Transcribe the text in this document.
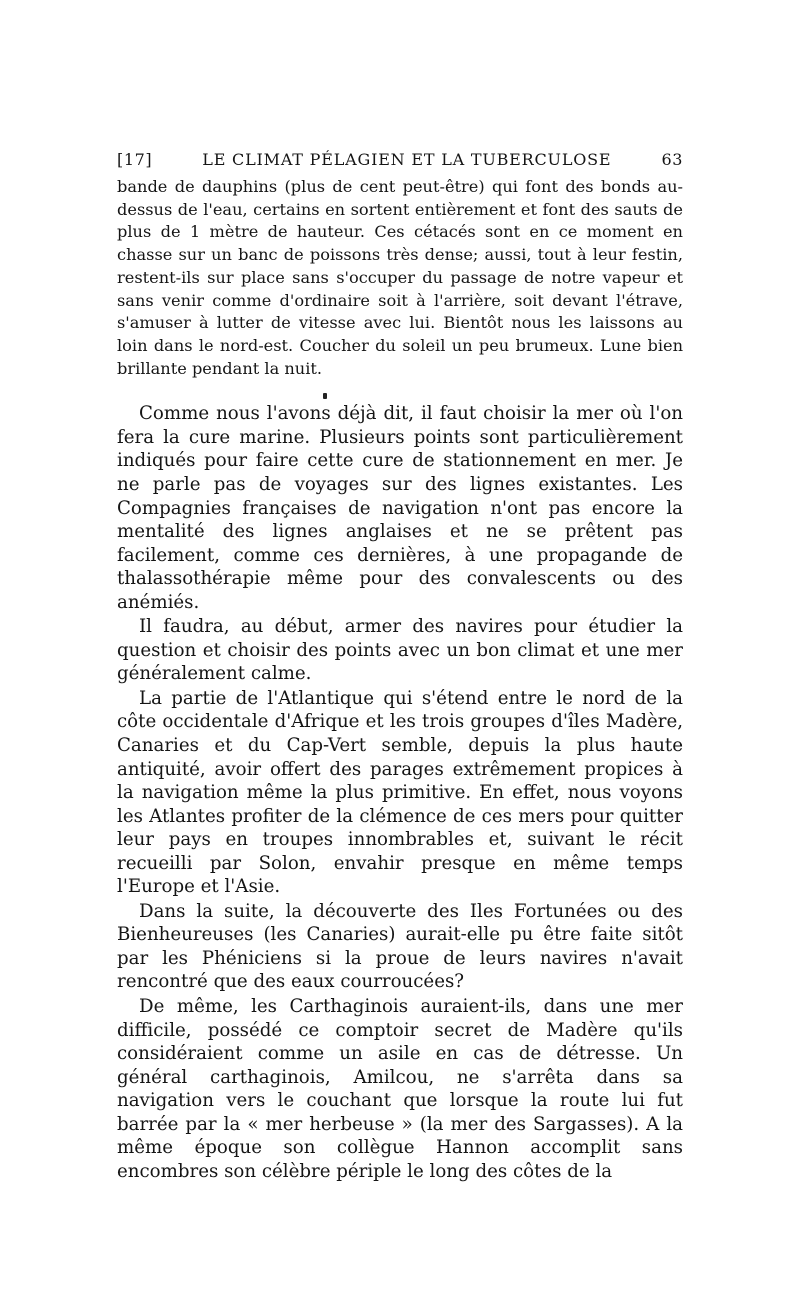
[17]	LE CLIMAT PÉLAGIEN ET LA TUBERCULOSE	63

bande de dauphins (plus de cent peut-être) qui font des bonds au-dessus de l'eau, certains en sortent entièrement et font des sauts de plus de 1 mètre de hauteur. Ces cétacés sont en ce moment en chasse sur un banc de poissons très dense; aussi, tout à leur festin, restent-ils sur place sans s'occuper du passage de notre vapeur et sans venir comme d'ordinaire soit à l'arrière, soit devant l'étrave, s'amuser à lutter de vitesse avec lui. Bientôt nous les laissons au loin dans le nord-est. Coucher du soleil un peu brumeux. Lune bien brillante pendant la nuit.

Comme nous l'avons déjà dit, il faut choisir la mer où l'on fera la cure marine. Plusieurs points sont particulièrement indiqués pour faire cette cure de stationnement en mer. Je ne parle pas de voyages sur des lignes existantes. Les Compagnies françaises de navigation n'ont pas encore la mentalité des lignes anglaises et ne se prêtent pas facilement, comme ces dernières, à une propagande de thalassothérapie même pour des convalescents ou des anémiés.

Il faudra, au début, armer des navires pour étudier la question et choisir des points avec un bon climat et une mer généralement calme.

La partie de l'Atlantique qui s'étend entre le nord de la côte occidentale d'Afrique et les trois groupes d'îles Madère, Canaries et du Cap-Vert semble, depuis la plus haute antiquité, avoir offert des parages extrêmement propices à la navigation même la plus primitive. En effet, nous voyons les Atlantes profiter de la clémence de ces mers pour quitter leur pays en troupes innombrables et, suivant le récit recueilli par Solon, envahir presque en même temps l'Europe et l'Asie.

Dans la suite, la découverte des Iles Fortunées ou des Bienheureuses (les Canaries) aurait-elle pu être faite sitôt par les Phéniciens si la proue de leurs navires n'avait rencontré que des eaux courroucées?

De même, les Carthaginois auraient-ils, dans une mer difficile, possédé ce comptoir secret de Madère qu'ils considéraient comme un asile en cas de détresse. Un général carthaginois, Amilcou, ne s'arrêta dans sa navigation vers le couchant que lorsque la route lui fut barrée par la « mer herbeuse » (la mer des Sargasses). A la même époque son collègue Hannon accomplit sans encombres son célèbre périple le long des côtes de la
